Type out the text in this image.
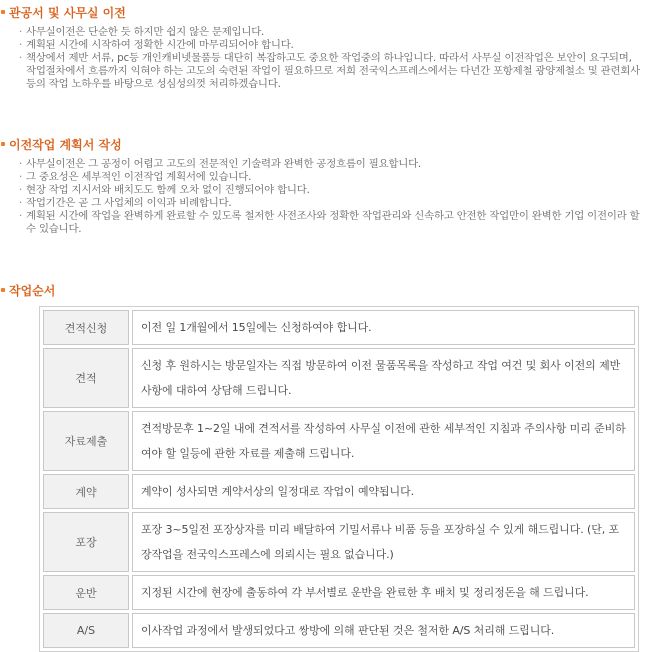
관공서 및 사무실 이전
· 사무실이전은 단순한 듯 하지만 쉽지 않은 문제입니다.
· 계획된 시간에 시작하여 정확한 시간에 마무리되어야 합니다.
· 책상에서 제반 서류, pc등 개인캐비넷물품등 대단히 복잡하고도 중요한 작업중의 하나입니다. 따라서 사무실 이전작업은 보안이 요구되며, 작업절차에서 흐름까지 익혀야 하는 고도의 숙련된 작업이 필요하므로 저희 전국익스프레스에서는 다년간 포항제철 광양제철소 및 관련회사등의 작업 노하우를 바탕으로 성심성의껏 처리하겠습니다.
이전작업 계획서 작성
· 사무실이전은 그 공정이 어렵고 고도의 전문적인 기술력과 완벽한 공정흐름이 필요합니다.
· 그 중요성은 세부적인 이전작업 계획서에 있습니다.
· 현장 작업 지시서와 배치도도 함께 오차 없이 진행되어야 합니다.
· 작업기간은 곧 그 사업체의 이익과 비례합니다.
· 계획된 시간에 작업을 완벽하게 완료할 수 있도록 철저한 사전조사와 정확한 작업관리와 신속하고 안전한 작업만이 완벽한 기업 이전이라 할 수 있습니다.
작업순서
견적신청	이전 일 1개월에서 15일에는 신청하여야 합니다.
견적	신청 후 원하시는 방문일자는 직접 방문하여 이전 물품목록을 작성하고 작업 여건 및 회사 이전의 제반사항에 대하여 상담해 드립니다.
자료제출	견적방문후 1~2일 내에 견적서를 작성하여 사무실 이전에 관한 세부적인 지침과 주의사항 미리 준비하여야 할 일등에 관한 자료를 제출해 드립니다.
계약	계약이 성사되면 계약서상의 일정대로 작업이 예약됩니다.
포장	포장 3~5일전 포장상자를 미리 배달하여 기밀서류나 비품 등을 포장하실 수 있게 해드립니다. (단, 포장작업을 전국익스프레스에 의뢰시는 필요 없습니다.)
운반	지정된 시간에 현장에 출동하여 각 부서별로 운반을 완료한 후 배치 및 정리정돈을 해 드립니다.
A/S	이사작업 과정에서 발생되었다고 쌍방에 의해 판단된 것은 철저한 A/S 처리해 드립니다.
